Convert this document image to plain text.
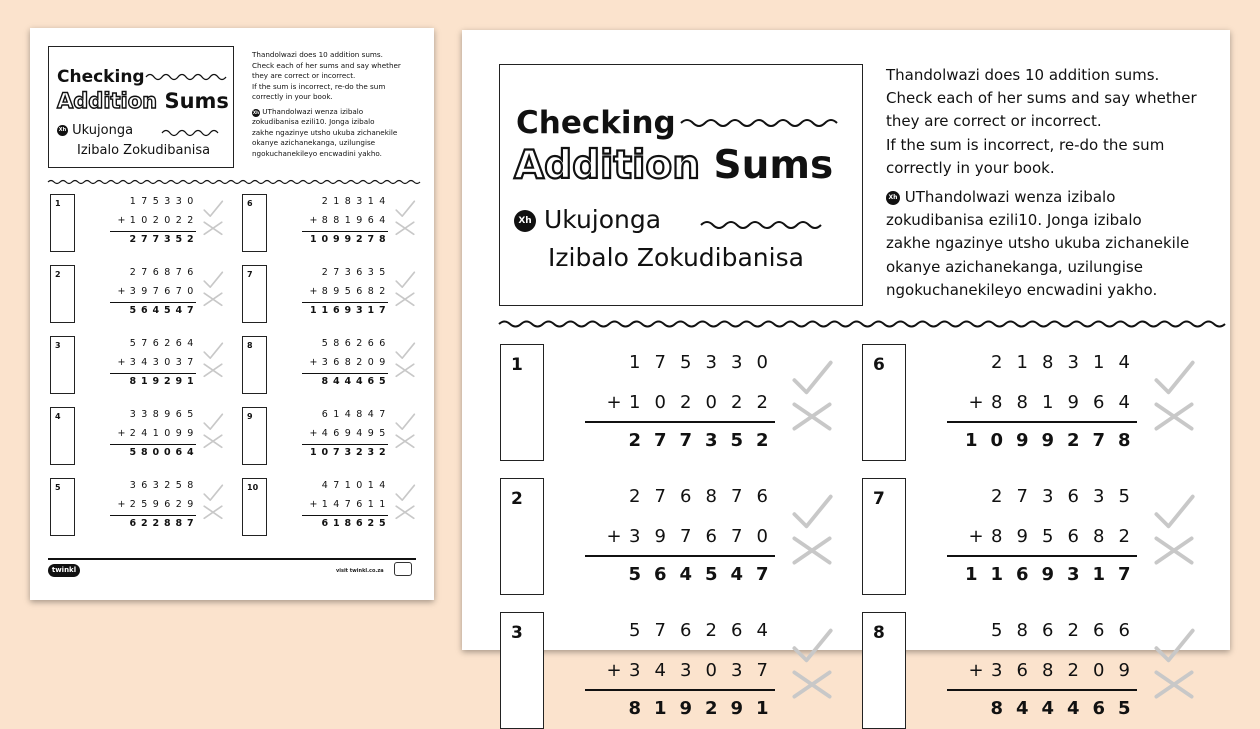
Checking
Addition Sums
Xh Ukujonga
Izibalo Zokudibanisa

Thandolwazi does 10 addition sums.

Check each of her sums and say whether

they are correct or incorrect.

If the sum is incorrect, re-do the sum

correctly in your book.

Xh UThandolwazi wenza izibalo

zokudibanisa ezili10. Jonga izibalo

zakhe ngazinye utsho ukuba zichanekile

okanye azichanekanga, uzilungise

ngokuchanekileyo encwadini yakho.

1	1 7 5 3 3 0
+ 1 0 2 0 2 2
2 7 7 3 5 2
2	2 7 6 8 7 6
+ 3 9 7 6 7 0
5 6 4 5 4 7
3	5 7 6 2 6 4
+ 3 4 3 0 3 7
8 1 9 2 9 1
4	3 3 8 9 6 5
+ 2 4 1 0 9 9
5 8 0 0 6 4
5	3 6 3 2 5 8
+ 2 5 9 6 2 9
6 2 2 8 8 7
6	2 1 8 3 1 4
+ 8 8 1 9 6 4
1 0 9 9 2 7 8
7	2 7 3 6 3 5
+ 8 9 5 6 8 2
1 1 6 9 3 1 7
8	5 8 6 2 6 6
+ 3 6 8 2 0 9
8 4 4 4 6 5
9	6 1 4 8 4 7
+ 4 6 9 4 9 5
1 0 7 3 2 3 2
10	4 7 1 0 1 4
+ 1 4 7 6 1 1
6 1 8 6 2 5
twinkl	visit twinkl.co.za
Checking
Addition Sums
Xh Ukujonga
Izibalo Zokudibanisa

Thandolwazi does 10 addition sums.

Check each of her sums and say whether

they are correct or incorrect.

If the sum is incorrect, re-do the sum

correctly in your book.

Xh UThandolwazi wenza izibalo

zokudibanisa ezili10. Jonga izibalo

zakhe ngazinye utsho ukuba zichanekile

okanye azichanekanga, uzilungise

ngokuchanekileyo encwadini yakho.

1	1 7 5 3 3 0
+ 1 0 2 0 2 2
2 7 7 3 5 2
2	2 7 6 8 7 6
+ 3 9 7 6 7 0
5 6 4 5 4 7
3	5 7 6 2 6 4
+ 3 4 3 0 3 7
8 1 9 2 9 1
6	2 1 8 3 1 4
+ 8 8 1 9 6 4
1 0 9 9 2 7 8
7	2 7 3 6 3 5
+ 8 9 5 6 8 2
1 1 6 9 3 1 7
8	5 8 6 2 6 6
+ 3 6 8 2 0 9
8 4 4 4 6 5
